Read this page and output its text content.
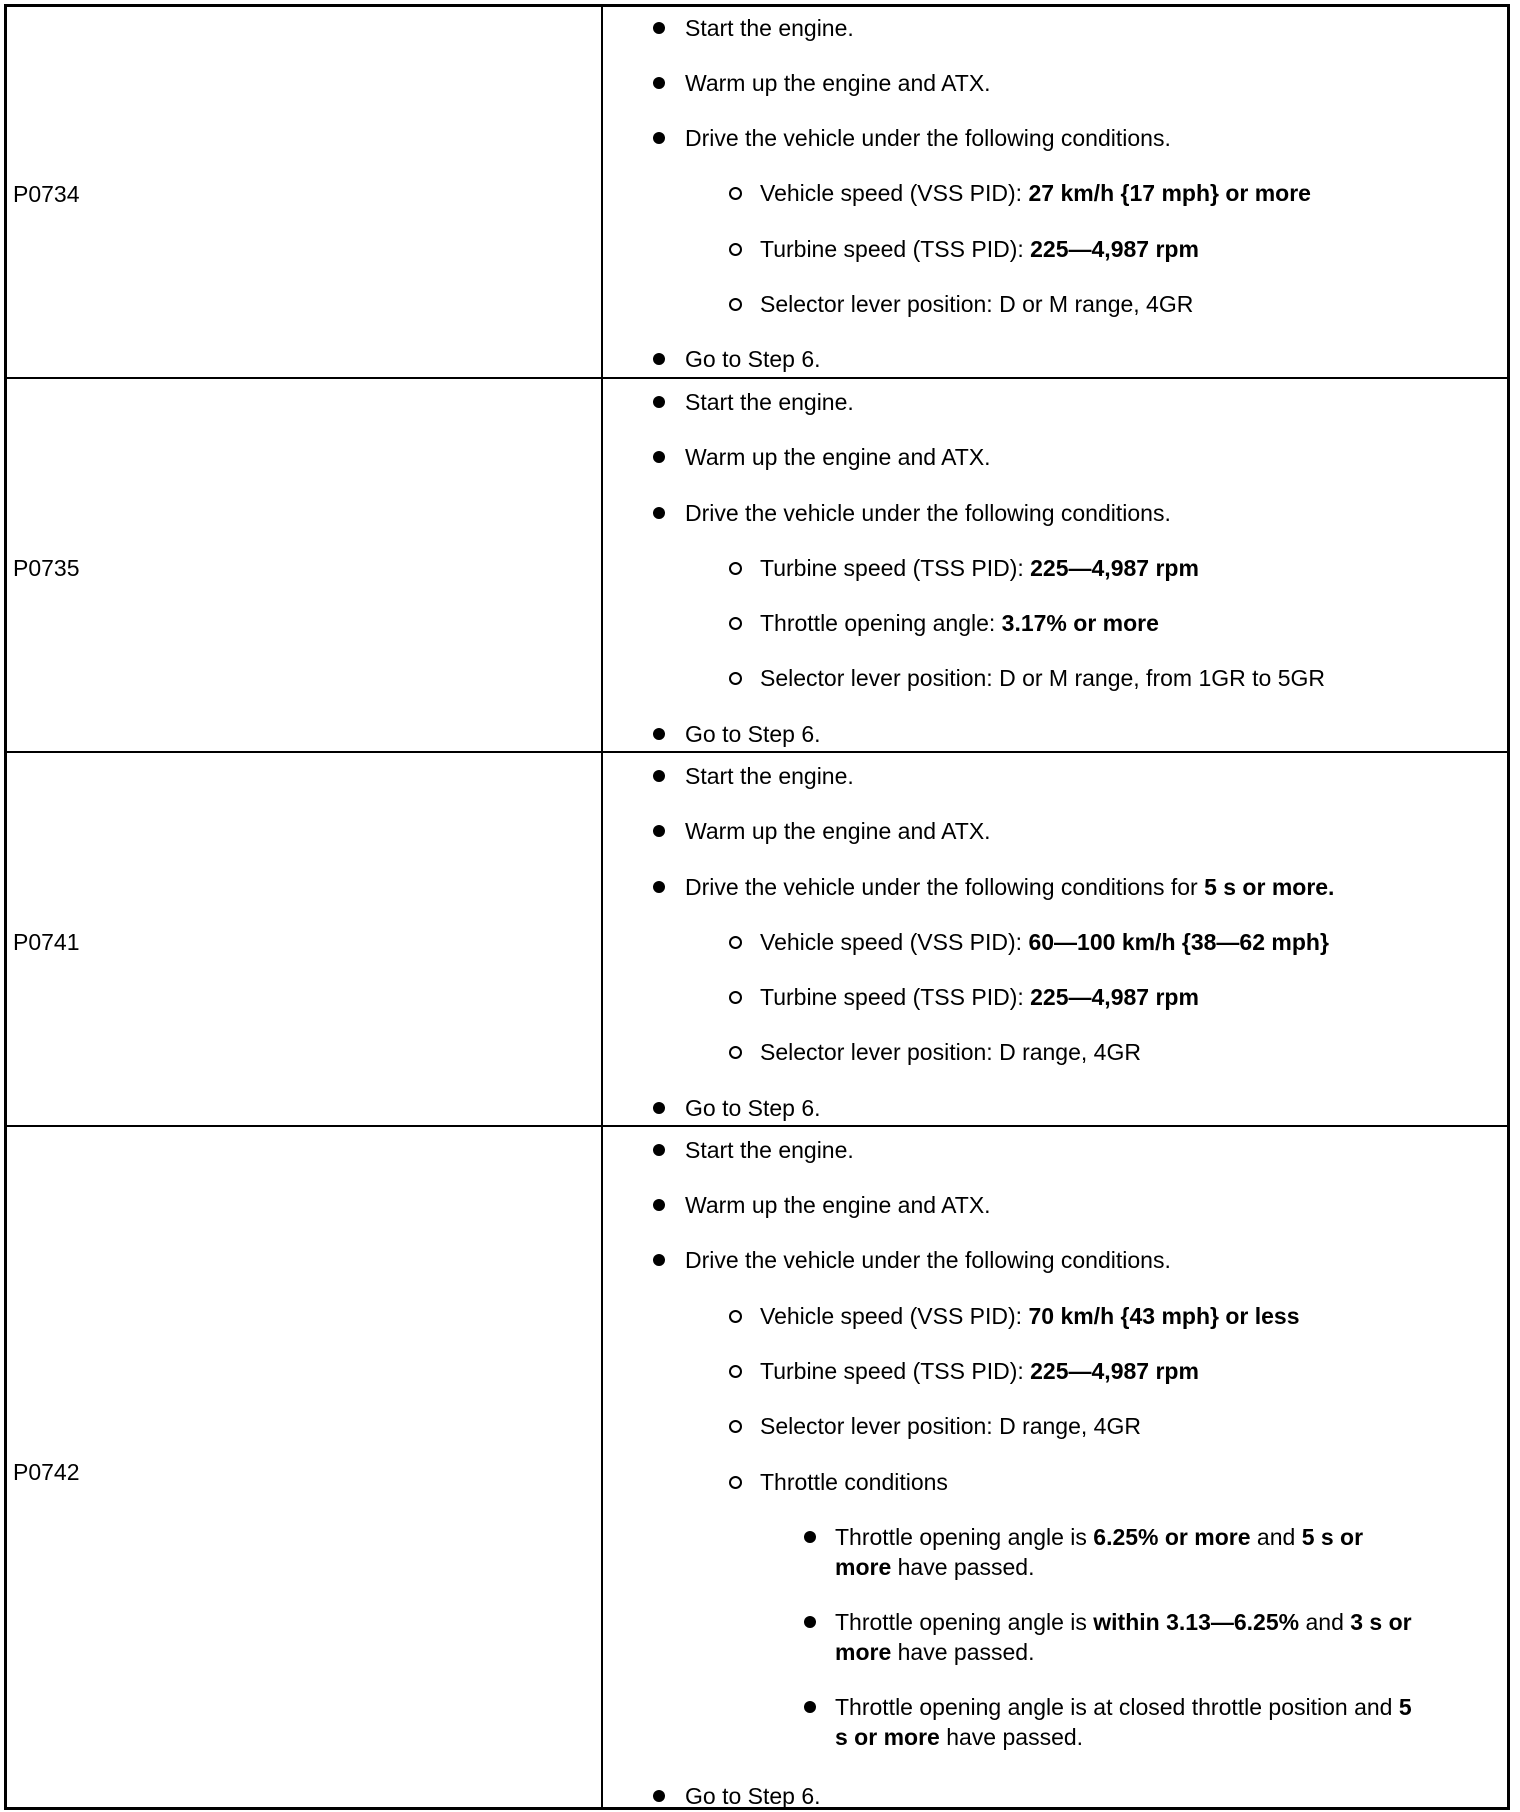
P0734
Start the engine.
Warm up the engine and ATX.
Drive the vehicle under the following conditions.
Vehicle speed (VSS PID): 27 km/h {17 mph} or more
Turbine speed (TSS PID): 225—4,987 rpm
Selector lever position: D or M range, 4GR
Go to Step 6.
P0735
Start the engine.
Warm up the engine and ATX.
Drive the vehicle under the following conditions.
Turbine speed (TSS PID): 225—4,987 rpm
Throttle opening angle: 3.17% or more
Selector lever position: D or M range, from 1GR to 5GR
Go to Step 6.
P0741
Start the engine.
Warm up the engine and ATX.
Drive the vehicle under the following conditions for 5 s or more.
Vehicle speed (VSS PID): 60—100 km/h {38—62 mph}
Turbine speed (TSS PID): 225—4,987 rpm
Selector lever position: D range, 4GR
Go to Step 6.
P0742
Start the engine.
Warm up the engine and ATX.
Drive the vehicle under the following conditions.
Vehicle speed (VSS PID): 70 km/h {43 mph} or less
Turbine speed (TSS PID): 225—4,987 rpm
Selector lever position: D range, 4GR
Throttle conditions
Throttle opening angle is 6.25% or more and 5 s or more have passed.
Throttle opening angle is within 3.13—6.25% and 3 s or more have passed.
Throttle opening angle is at closed throttle position and 5 s or more have passed.
Go to Step 6.
